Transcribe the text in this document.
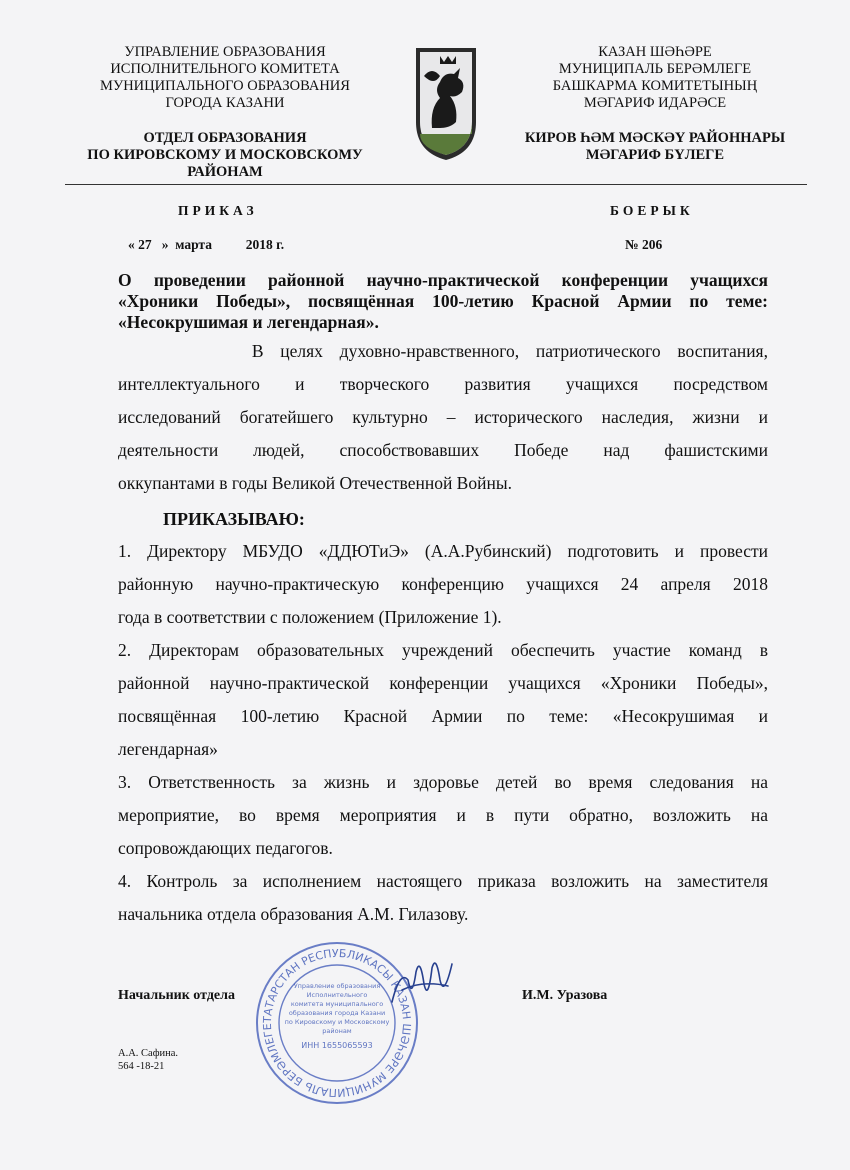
УПРАВЛЕНИЕ ОБРАЗОВАНИЯ
ИСПОЛНИТЕЛЬНОГО КОМИТЕТА
МУНИЦИПАЛЬНОГО ОБРАЗОВАНИЯ
ГОРОДА КАЗАНИ
ОТДЕЛ ОБРАЗОВАНИЯ
ПО КИРОВСКОМУ И МОСКОВСКОМУ
РАЙОНАМ
КАЗАН ШӘҺӘРЕ
МУНИЦИПАЛЬ БЕРӘМЛЕГЕ
БАШКАРМА КОМИТЕТЫНЫҢ
МӘГАРИФ ИДАРӘСЕ
КИРОВ ҺӘМ МӘСКӘҮ РАЙОННАРЫ
МӘГАРИФ БҮЛЕГЕ
ПРИКАЗ	БОЕРЫК
« 27   »  марта          2018 г.	№ 206
О проведении районной научно-практической конференции учащихся
«Хроники Победы», посвящённая 100-летию Красной Армии по теме:
«Несокрушимая и легендарная».
В целях духовно-нравственного, патриотического воспитания,
интеллектуального и творческого развития учащихся посредством
исследований богатейшего культурно – исторического наследия, жизни и
деятельности людей, способствовавших Победе над фашистскими
оккупантами в годы Великой Отечественной Войны.
ПРИКАЗЫВАЮ:
1. Директору МБУДО «ДДЮТиЭ» (А.А.Рубинский) подготовить и провести
районную научно-практическую конференцию учащихся 24 апреля 2018
года в соответствии с положением (Приложение 1).
2. Директорам образовательных учреждений обеспечить участие команд в
районной научно-практической конференции учащихся «Хроники Победы»,
посвящённая 100-летию Красной Армии по теме: «Несокрушимая и
легендарная»
3. Ответственность за жизнь и здоровье детей во время следования на
мероприятие, во время мероприятия и в пути обратно, возложить на
сопровождающих педагогов.
4. Контроль за исполнением настоящего приказа возложить на заместителя
начальника отдела образования А.М. Гилазову.
ТАТАРСТАН РЕСПУБЛИКАСЫ КАЗАН ШӘҺӘРЕ МУНИЦИПАЛЬ БЕРӘМЛЕГЕ
Управление образования
Исполнительного
комитета муниципального
образования города Казани
по Кировскому и Московскому
районам
ИНН 1655065593
Начальник отдела	И.М. Уразова
А.А. Сафина.
564 -18-21
